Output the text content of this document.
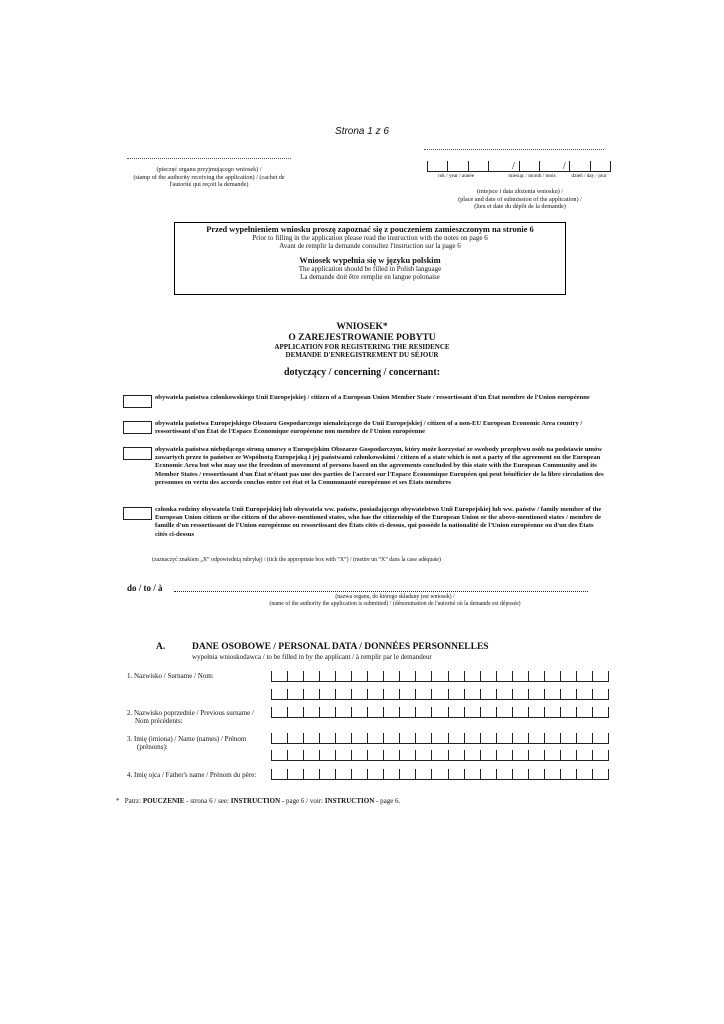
Strona 1 z 6
(pieczęć organu przyjmującego wniosek) /
(stamp of the authority receiving the application) / (cachet de
l'autorité qui reçoit la demande)
/	/
rok / year / année	miesiąc / month / mois	dzień / day / jour
(miejsce i data złożenia wniosku) /
(place and date of submission of the application) /
(lieu et date du dépôt de la demande)
Przed wypełnieniem wniosku proszę zapoznać się z pouczeniem zamieszczonym na stronie 6
Prior to filling in the application please read the instruction with the notes on page 6
Avant de remplir la demande consultez l'instruction sur la page 6
Wniosek wypełnia się w języku polskim
The application should be filled in Polish language
La demande doit être remplie en langue polonaise
WNIOSEK*
O ZAREJESTROWANIE POBYTU
APPLICATION FOR REGISTERING THE RESIDENCE
DEMANDE D'ENREGISTREMENT DU SÉJOUR
dotyczący / concerning / concernant:
obywatela państwa członkowskiego Unii Europejskiej / citizen of a European Union Member State / ressortissant d'un État membre de l'Union européenne
obywatela państwa Europejskiego Obszaru Gospodarczego nienależącego do Unii Europejskiej / citizen of a non-EU European Economic Area country / ressortissant d'un État de l'Espace Économique européenne non membre de l'Union européenne
obywatela państwa niebędącego stroną umowy o Europejskim Obszarze Gospodarczym, który może korzystać ze swobody przepływu osób na podstawie umów zawartych przez to państwo ze Wspólnotą Europejską i jej państwami członkowskimi / citizen of a state which is not a party of the agreement on the European Economic Area but who may use the freedom of movement of persons based on the agreements concluded by this state with the European Community and its Member States / ressortissant d'un État n'étant pas une des parties de l'accord sur l'Espace Économique Européen qui peut bénéficier de la libre circulation des personnes en vertu des accords conclus entre cet état et la Communauté européenne et ses États membres
członka rodziny obywatela Unii Europejskiej lub obywatela ww. państw, posiadającego obywatelstwo Unii Europejskiej lub ww. państw / family member of the European Union citizen or the citizen of the above-mentioned states, who has the citizenship of the European Union or the above-mentioned states / membre de famille d'un ressortissant de l'Union européenne ou ressortissant des États cités ci-dessus, qui possède la nationalité de l'Union européenne ou d'un des États cités ci-dessus
(zaznaczyć znakiem „X” odpowiednią rubrykę) / (tick the appropriate box with “X”) / (mettre un “X” dans la case adéquate)
do / to / à
(nazwa organu, do którego składany jest wniosek) /
(name of the authority the application is submitted) / (dénomination de l'autorité où la demande est déposée)
A.	DANE OSOBOWE / PERSONAL DATA / DONNÉES PERSONNELLES
wypełnia wnioskodawca / to be filled in by the applicant / à remplir par le demandeur
1. Nazwisko / Surname / Nom:
2. Nazwisko poprzednie / Previous surname /
Nom précédents:
3. Imię (imiona) / Name (names) / Prénom
(prénoms):
4. Imię ojca / Father's name / Prénom du père:
* Patrz: POUCZENIE - strona 6 / see: INSTRUCTION - page 6 / voir: INSTRUCTION - page 6.
